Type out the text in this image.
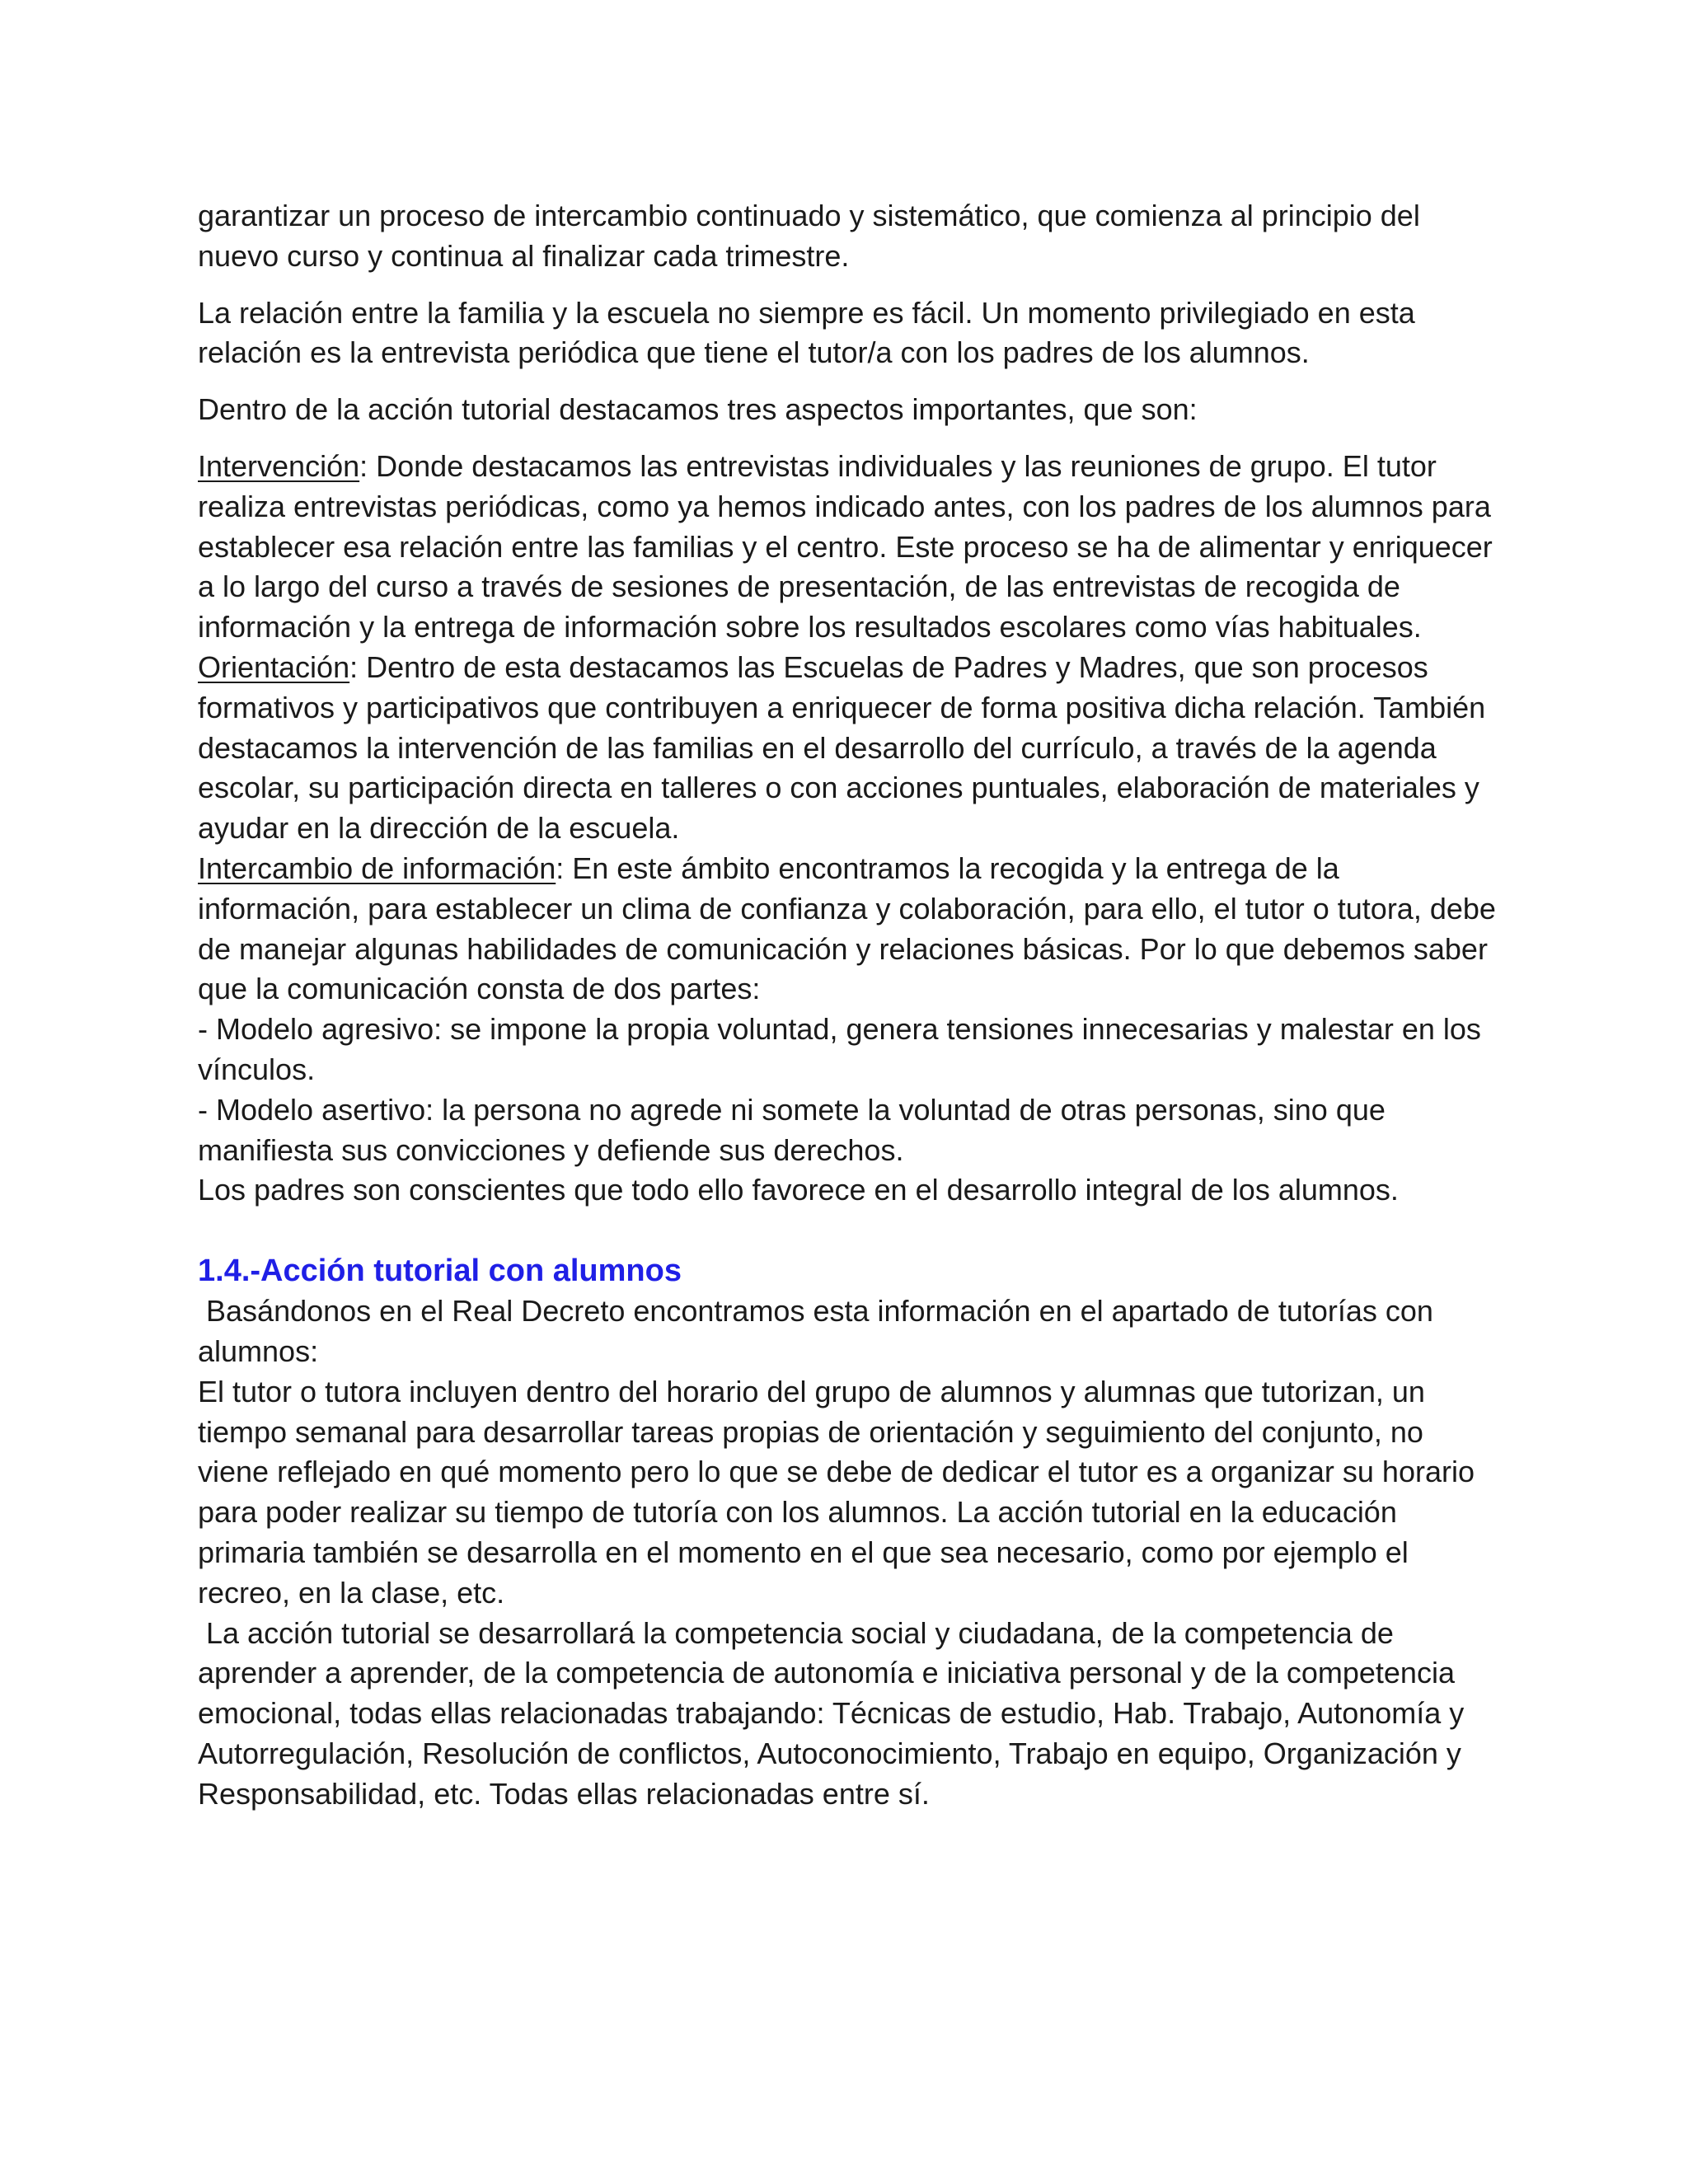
garantizar un proceso de intercambio continuado y sistemático, que comienza al principio del nuevo curso y continua al finalizar cada trimestre.

La relación entre la familia y la escuela no siempre es fácil. Un momento privilegiado en esta relación es la entrevista periódica que tiene el tutor/a con los padres de los alumnos.

Dentro de la acción tutorial destacamos tres aspectos importantes, que son:

Intervención: Donde destacamos las entrevistas individuales y las reuniones de grupo. El tutor realiza entrevistas periódicas, como ya hemos indicado antes, con los padres de los alumnos para establecer esa relación entre las familias y el centro. Este proceso se ha de alimentar y enriquecer a lo largo del curso a través de sesiones de presentación, de las entrevistas de recogida de información y la entrega de información sobre los resultados escolares como vías habituales.

Orientación: Dentro de esta destacamos las Escuelas de Padres y Madres, que son procesos formativos y participativos que contribuyen a enriquecer de forma positiva dicha relación. También destacamos la intervención de las familias en el desarrollo del currículo, a través de la agenda escolar, su participación directa en talleres o con acciones puntuales, elaboración de materiales y ayudar en la dirección de la escuela.

Intercambio de información: En este ámbito encontramos la recogida y la entrega de la información, para establecer un clima de confianza y colaboración, para ello, el tutor o tutora, debe de manejar algunas habilidades de comunicación y relaciones básicas. Por lo que debemos saber que la comunicación consta de dos partes:

- Modelo agresivo: se impone la propia voluntad, genera tensiones innecesarias y malestar en los vínculos.

- Modelo asertivo: la persona no agrede ni somete la voluntad de otras personas, sino que manifiesta sus convicciones y defiende sus derechos.

Los padres son conscientes que todo ello favorece en el desarrollo integral de los alumnos.

1.4.-Acción tutorial con alumnos

Basándonos en el Real Decreto encontramos esta información en el apartado de tutorías con alumnos:

El tutor o tutora incluyen dentro del horario del grupo de alumnos y alumnas que tutorizan, un tiempo semanal para desarrollar tareas propias de orientación y seguimiento del conjunto, no viene reflejado en qué momento pero lo que se debe de dedicar el tutor es a organizar su horario para poder realizar su tiempo de tutoría con los alumnos. La acción tutorial en la educación primaria también se desarrolla en el momento en el que sea necesario, como por ejemplo el recreo, en la clase, etc.

La acción tutorial se desarrollará la competencia social y ciudadana, de la competencia de aprender a aprender, de la competencia de autonomía e iniciativa personal y de la competencia emocional, todas ellas relacionadas trabajando: Técnicas de estudio, Hab. Trabajo, Autonomía y Autorregulación, Resolución de conflictos, Autoconocimiento, Trabajo en equipo, Organización y Responsabilidad, etc. Todas ellas relacionadas entre sí.
